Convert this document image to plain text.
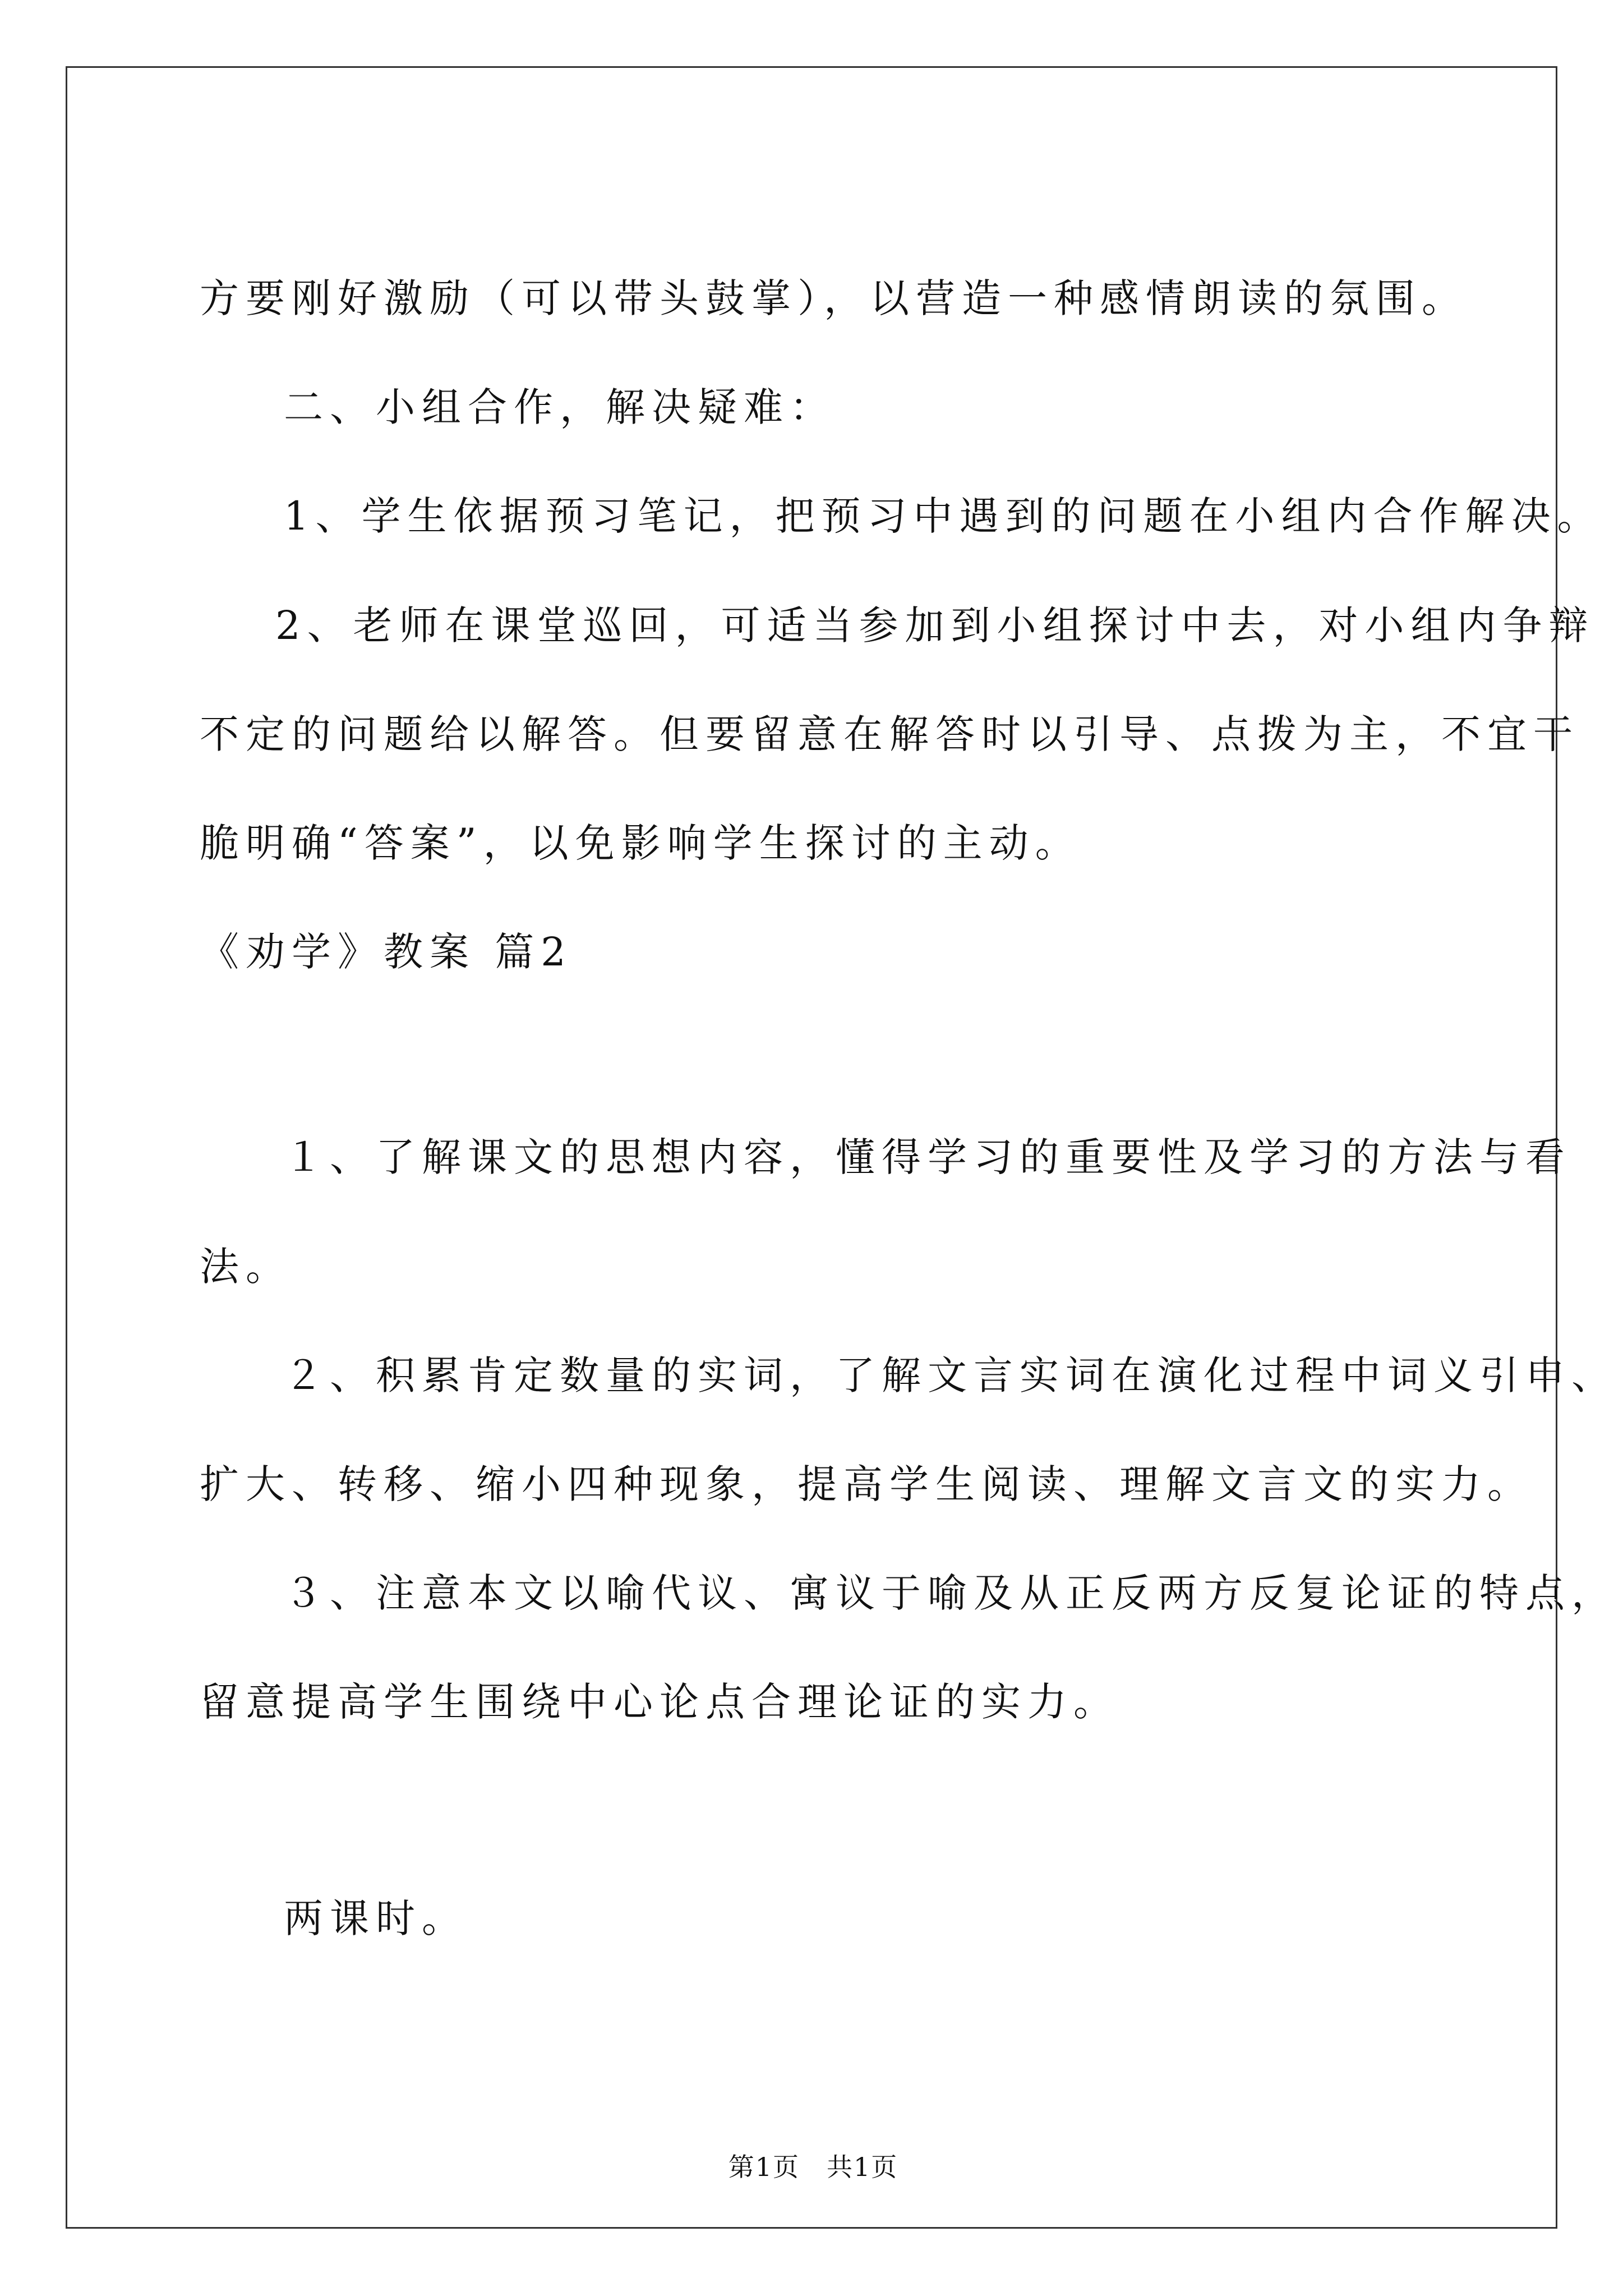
方要刚好激励（可以带头鼓掌），以营造一种感情朗读的氛围。
二、小组合作，解决疑难：
1、学生依据预习笔记，把预习中遇到的问题在小组内合作解决。
2、老师在课堂巡回，可适当参加到小组探讨中去，对小组内争辩
不定的问题给以解答。但要留意在解答时以引导、点拨为主，不宜干
脆明确“答案”，以免影响学生探讨的主动。
《劝学》教案 篇2
１、了解课文的思想内容，懂得学习的重要性及学习的方法与看
法。
２、积累肯定数量的实词，了解文言实词在演化过程中词义引申、
扩大、转移、缩小四种现象，提高学生阅读、理解文言文的实力。
３、注意本文以喻代议、寓议于喻及从正反两方反复论证的特点，
留意提高学生围绕中心论点合理论证的实力。
两课时。
第1页　共1页
